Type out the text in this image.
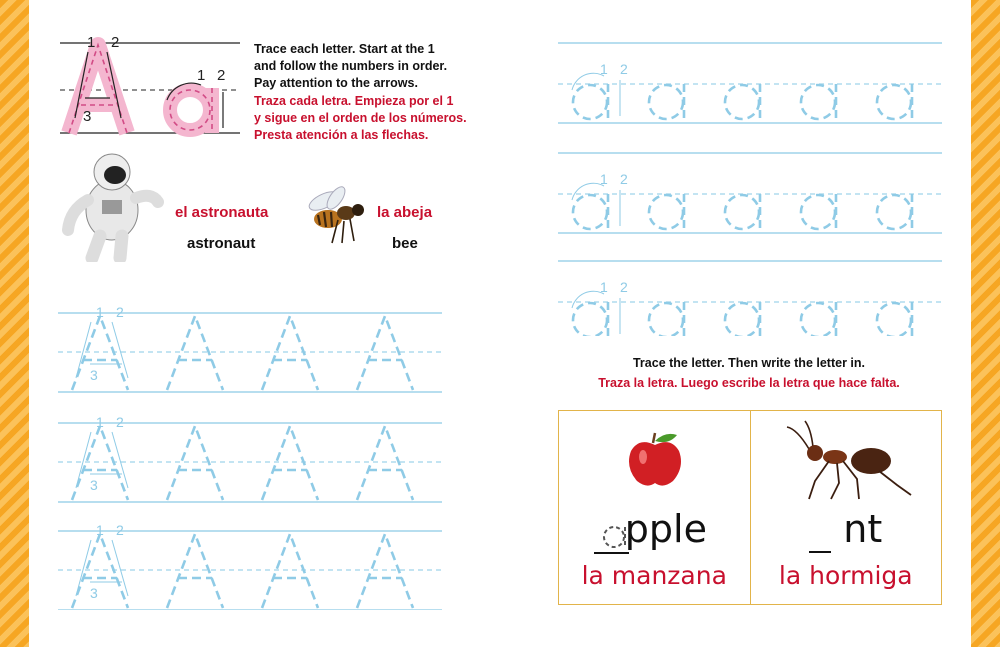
1 2
3
1 2
Trace each letter. Start at the 1
and follow the numbers in order.
Pay attention to the arrows.
Traza cada letra. Empieza por el 1
y sigue en el orden de los números.
Presta atención a las flechas.
el astronauta
astronaut
la abeja
bee
1 2
3
1 2
3
1 2
3
1 2
1 2
1 2
Trace the letter. Then write the letter in.
Traza la letra. Luego escribe la letra que hace falta.
pple
la manzana
nt
la hormiga
